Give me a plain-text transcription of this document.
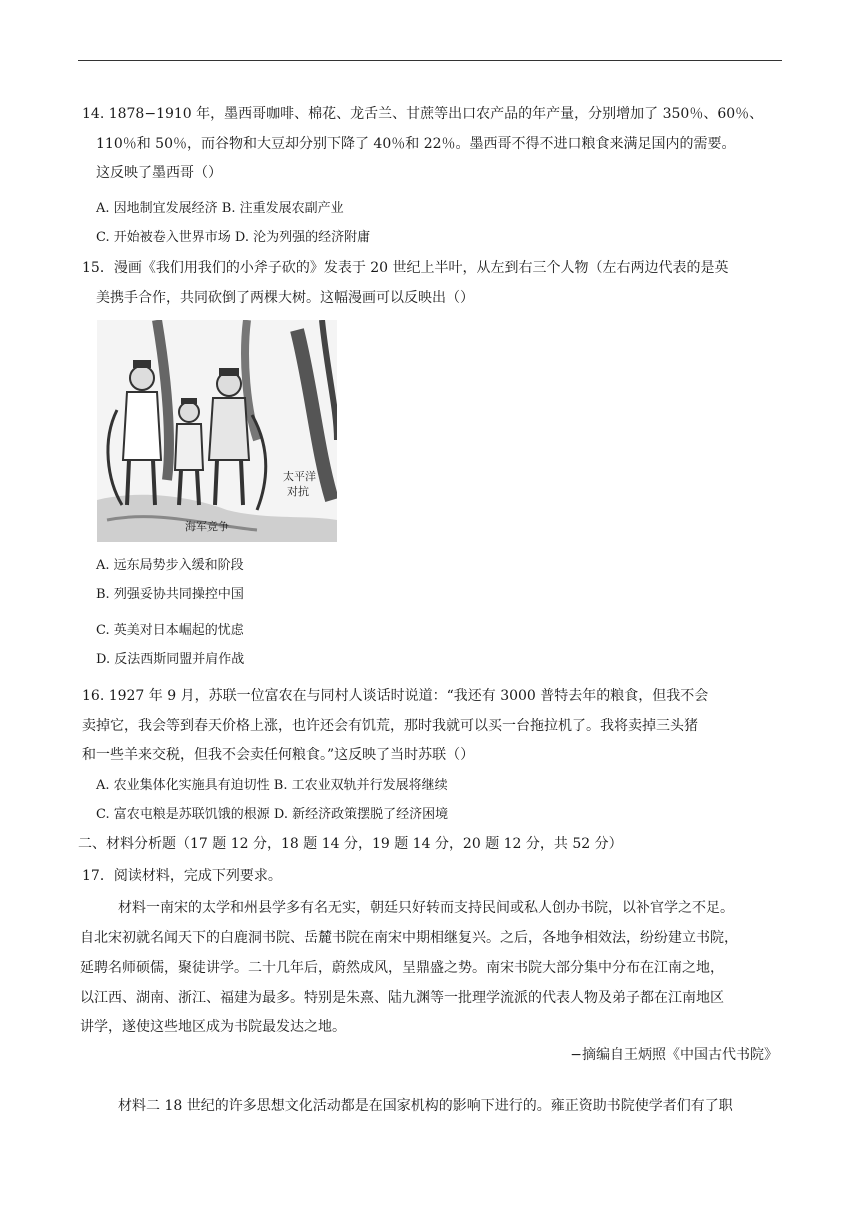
14. 1878−1910 年，墨西哥咖啡、棉花、龙舌兰、甘蔗等出口农产品的年产量，分别增加了 350％、60％、
110％和 50％，而谷物和大豆却分别下降了 40％和 22％。墨西哥不得不进口粮食来满足国内的需要。
这反映了墨西哥（）
A. 因地制宜发展经济 B. 注重发展农副产业
C. 开始被卷入世界市场 D. 沦为列强的经济附庸
15．漫画《我们用我们的小斧子砍的》发表于 20 世纪上半叶，从左到右三个人物（左右两边代表的是英
美携手合作，共同砍倒了两棵大树。这幅漫画可以反映出（）
太平洋
对抗
海军竞争
A. 远东局势步入缓和阶段
B. 列强妥协共同操控中国
C. 英美对日本崛起的忧虑
D. 反法西斯同盟并肩作战
16. 1927 年 9 月，苏联一位富农在与同村人谈话时说道：“我还有 3000 普特去年的粮食，但我不会
卖掉它，我会等到春天价格上涨，也许还会有饥荒，那时我就可以买一台拖拉机了。我将卖掉三头猪
和一些羊来交税，但我不会卖任何粮食。”这反映了当时苏联（）
A. 农业集体化实施具有迫切性 B. 工农业双轨并行发展将继续
C. 富农屯粮是苏联饥饿的根源 D. 新经济政策摆脱了经济困境
二、材料分析题（17 题 12 分，18 题 14 分，19 题 14 分，20 题 12 分，共 52 分）
17．阅读材料，完成下列要求。
材料一南宋的太学和州县学多有名无实，朝廷只好转而支持民间或私人创办书院，以补官学之不足。
自北宋初就名闻天下的白鹿洞书院、岳麓书院在南宋中期相继复兴。之后，各地争相效法，纷纷建立书院，
延聘名师硕儒，聚徒讲学。二十几年后，蔚然成风，呈鼎盛之势。南宋书院大部分集中分布在江南之地，
以江西、湖南、浙江、福建为最多。特别是朱熹、陆九渊等一批理学流派的代表人物及弟子都在江南地区
讲学，遂使这些地区成为书院最发达之地。
−摘编自王炳照《中国古代书院》
材料二 18 世纪的许多思想文化活动都是在国家机构的影响下进行的。雍正资助书院使学者们有了职
